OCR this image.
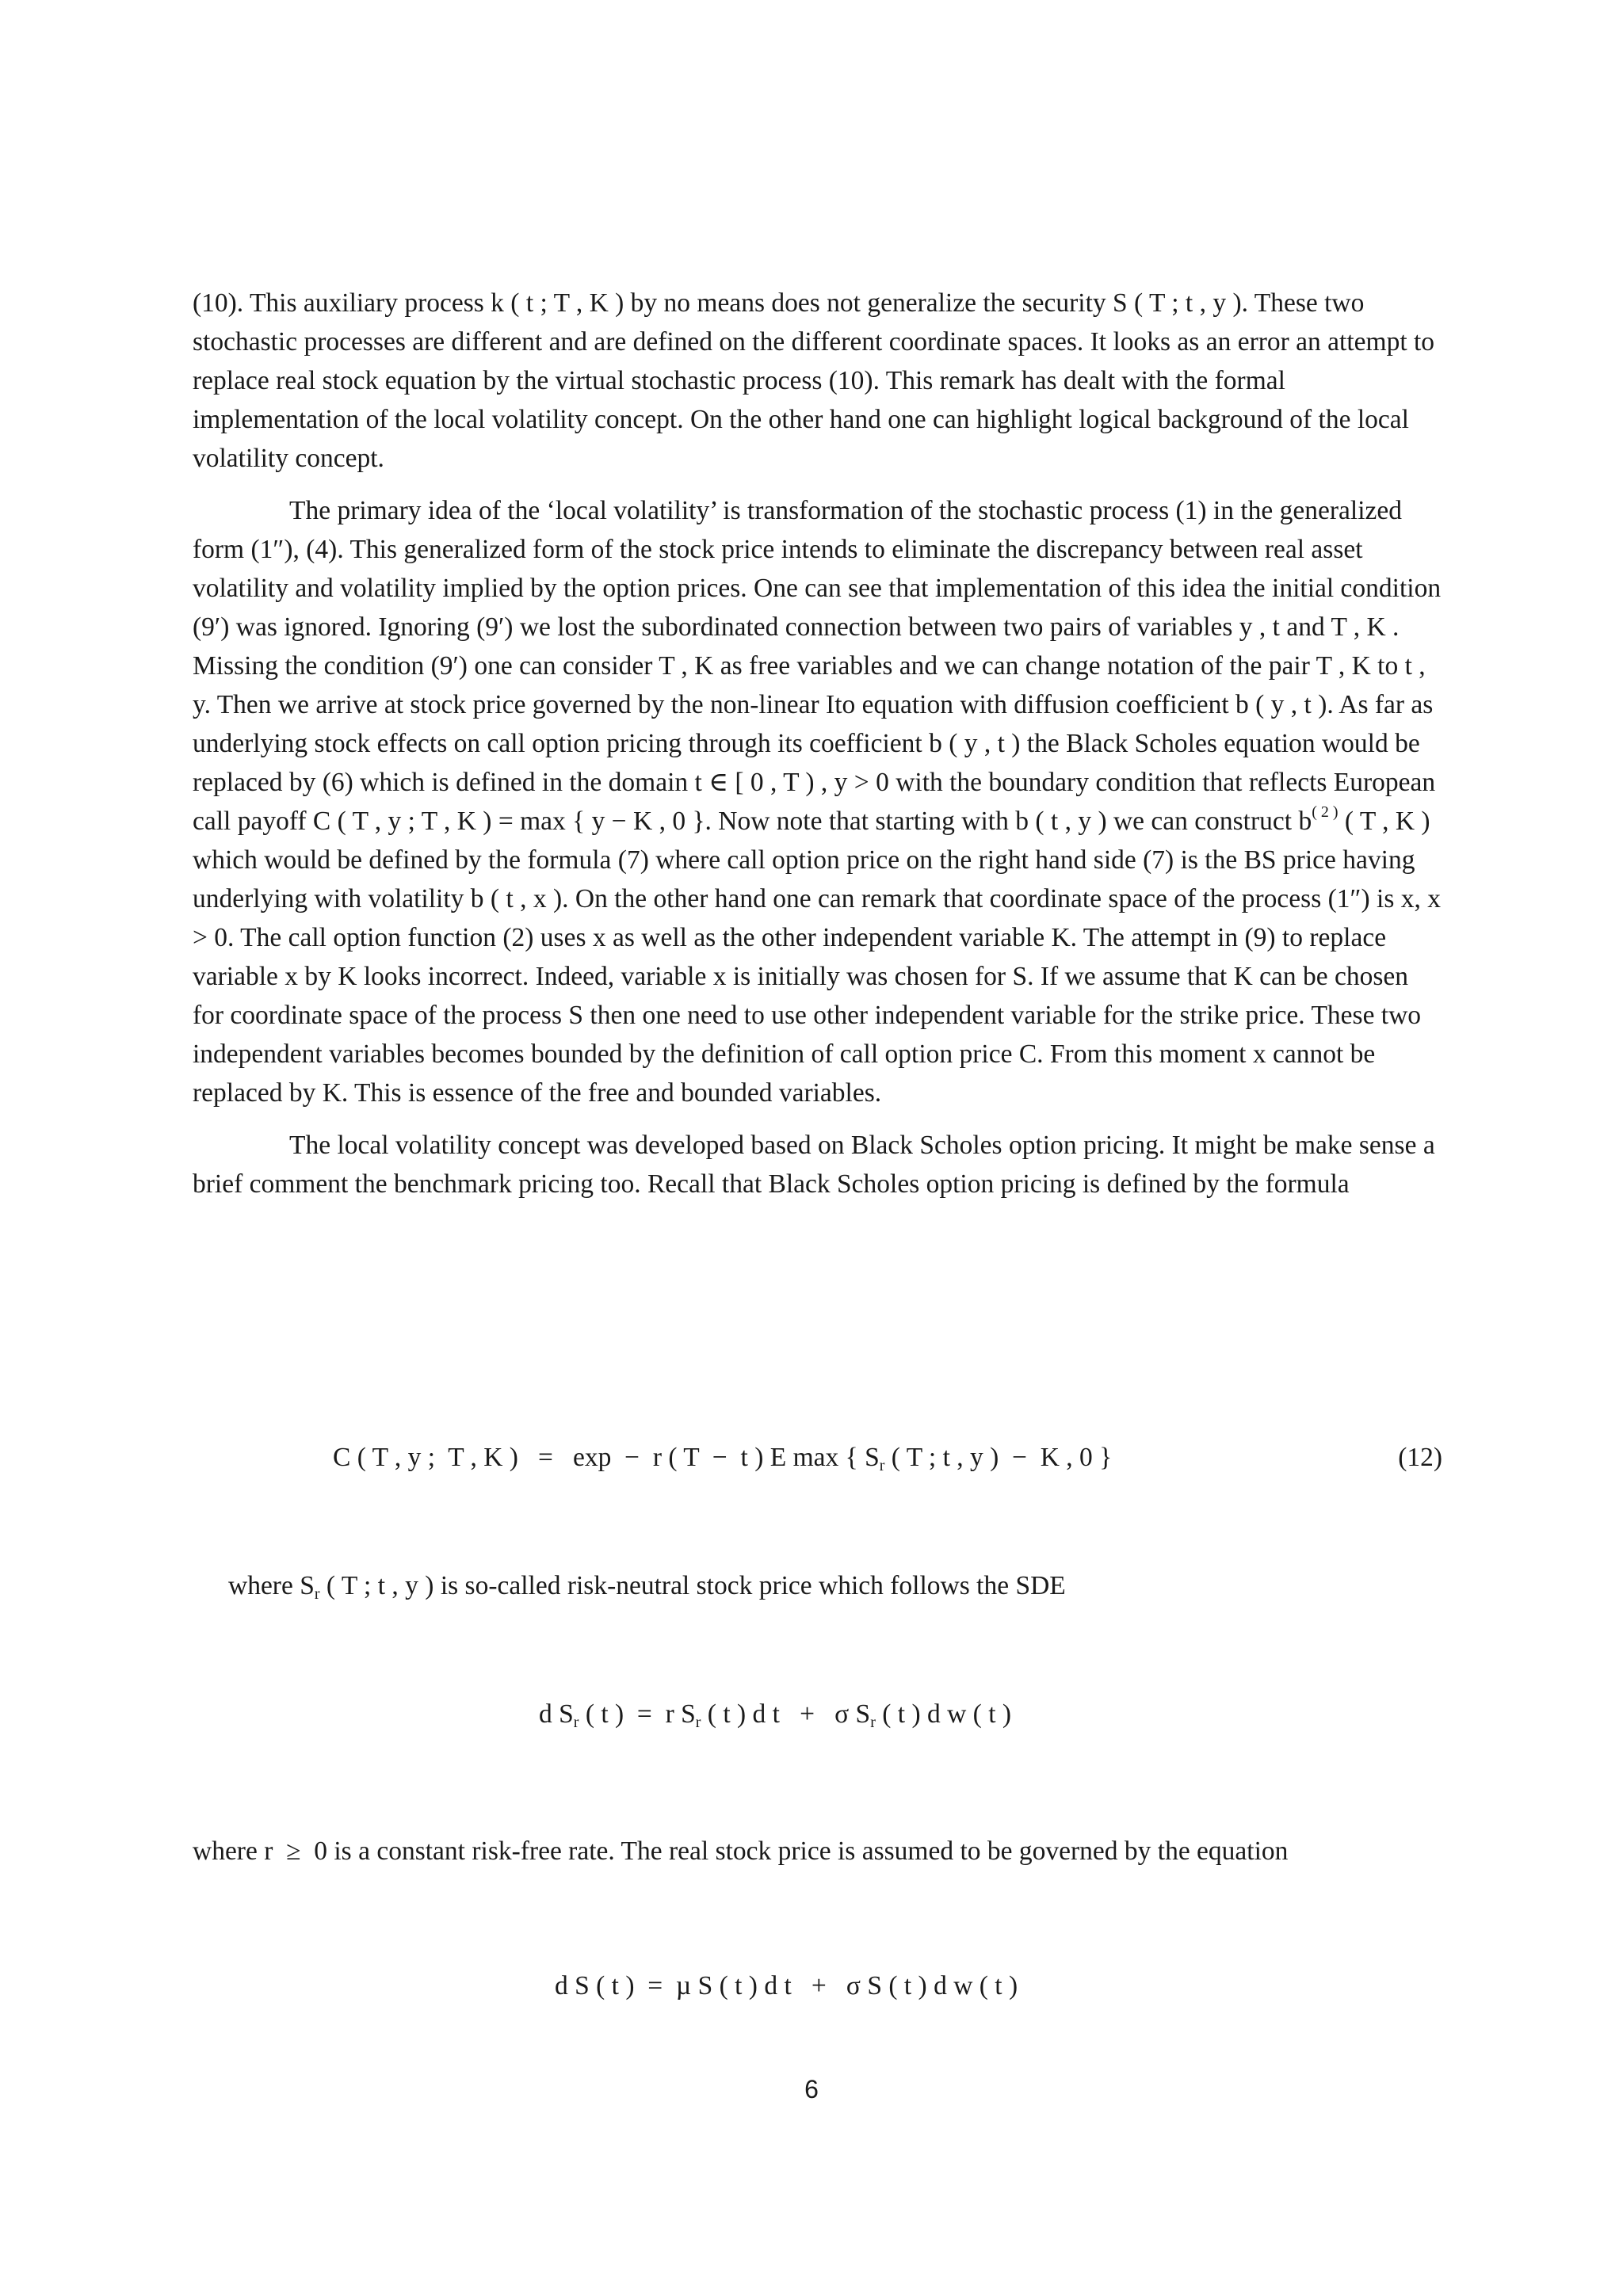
(10). This auxiliary process k ( t ; T , K ) by no means does not generalize the security S ( T ; t , y ). These two stochastic processes are different and are defined on the different coordinate spaces. It looks as an error an attempt to replace real stock equation by the virtual stochastic process (10). This remark has dealt with the formal implementation of the local volatility concept. On the other hand one can highlight logical background of the local volatility concept.

The primary idea of the ‘local volatility’ is transformation of the stochastic process (1) in the generalized form (1″), (4). This generalized form of the stock price intends to eliminate the discrepancy between real asset volatility and volatility implied by the option prices. One can see that implementation of this idea the initial condition (9′) was ignored. Ignoring (9′) we lost the subordinated connection between two pairs of variables y , t and T , K . Missing the condition (9′) one can consider T , K as free variables and we can change notation of the pair T , K to t , y. Then we arrive at stock price governed by the non-linear Ito equation with diffusion coefficient b ( y , t ). As far as underlying stock effects on call option pricing through its coefficient b ( y , t ) the Black Scholes equation would be replaced by (6) which is defined in the domain t ∈ [ 0 , T ) , y > 0 with the boundary condition that reflects European call payoff C ( T , y ; T , K ) = max { y − K , 0 }. Now note that starting with b ( t , y ) we can construct $b^{( 2 )}$ ( T , K ) which would be defined by the formula (7) where call option price on the right hand side (7) is the BS price having underlying with volatility b ( t , x ). On the other hand one can remark that coordinate space of the process (1″) is x, x > 0. The call option function (2) uses x as well as the other independent variable K. The attempt in (9) to replace variable x by K looks incorrect. Indeed, variable x is initially was chosen for S. If we assume that K can be chosen for coordinate space of the process S then one need to use other independent variable for the strike price. These two independent variables becomes bounded by the definition of call option price C. From this moment x cannot be replaced by K. This is essence of the free and bounded variables.

The local volatility concept was developed based on Black Scholes option pricing. It might be make sense a brief comment the benchmark pricing too. Recall that Black Scholes option pricing is defined by the formula

C ( T , y ;  T , K )   =   exp  −  r ( T  −  t ) E max { $S_r$ ( T ; t , y )  −  K , 0 }	(12)
where $S_r$ ( T ; t , y ) is so-called risk-neutral stock price which follows the SDE
d $S_r$ ( t )  =  r $S_r$ ( t ) d t   +   σ $S_r$ ( t ) d w ( t )
where r  ≥  0 is a constant risk-free rate. The real stock price is assumed to be governed by the equation
d S ( t )  =  µ S ( t ) d t   +   σ S ( t ) d w ( t )
6
